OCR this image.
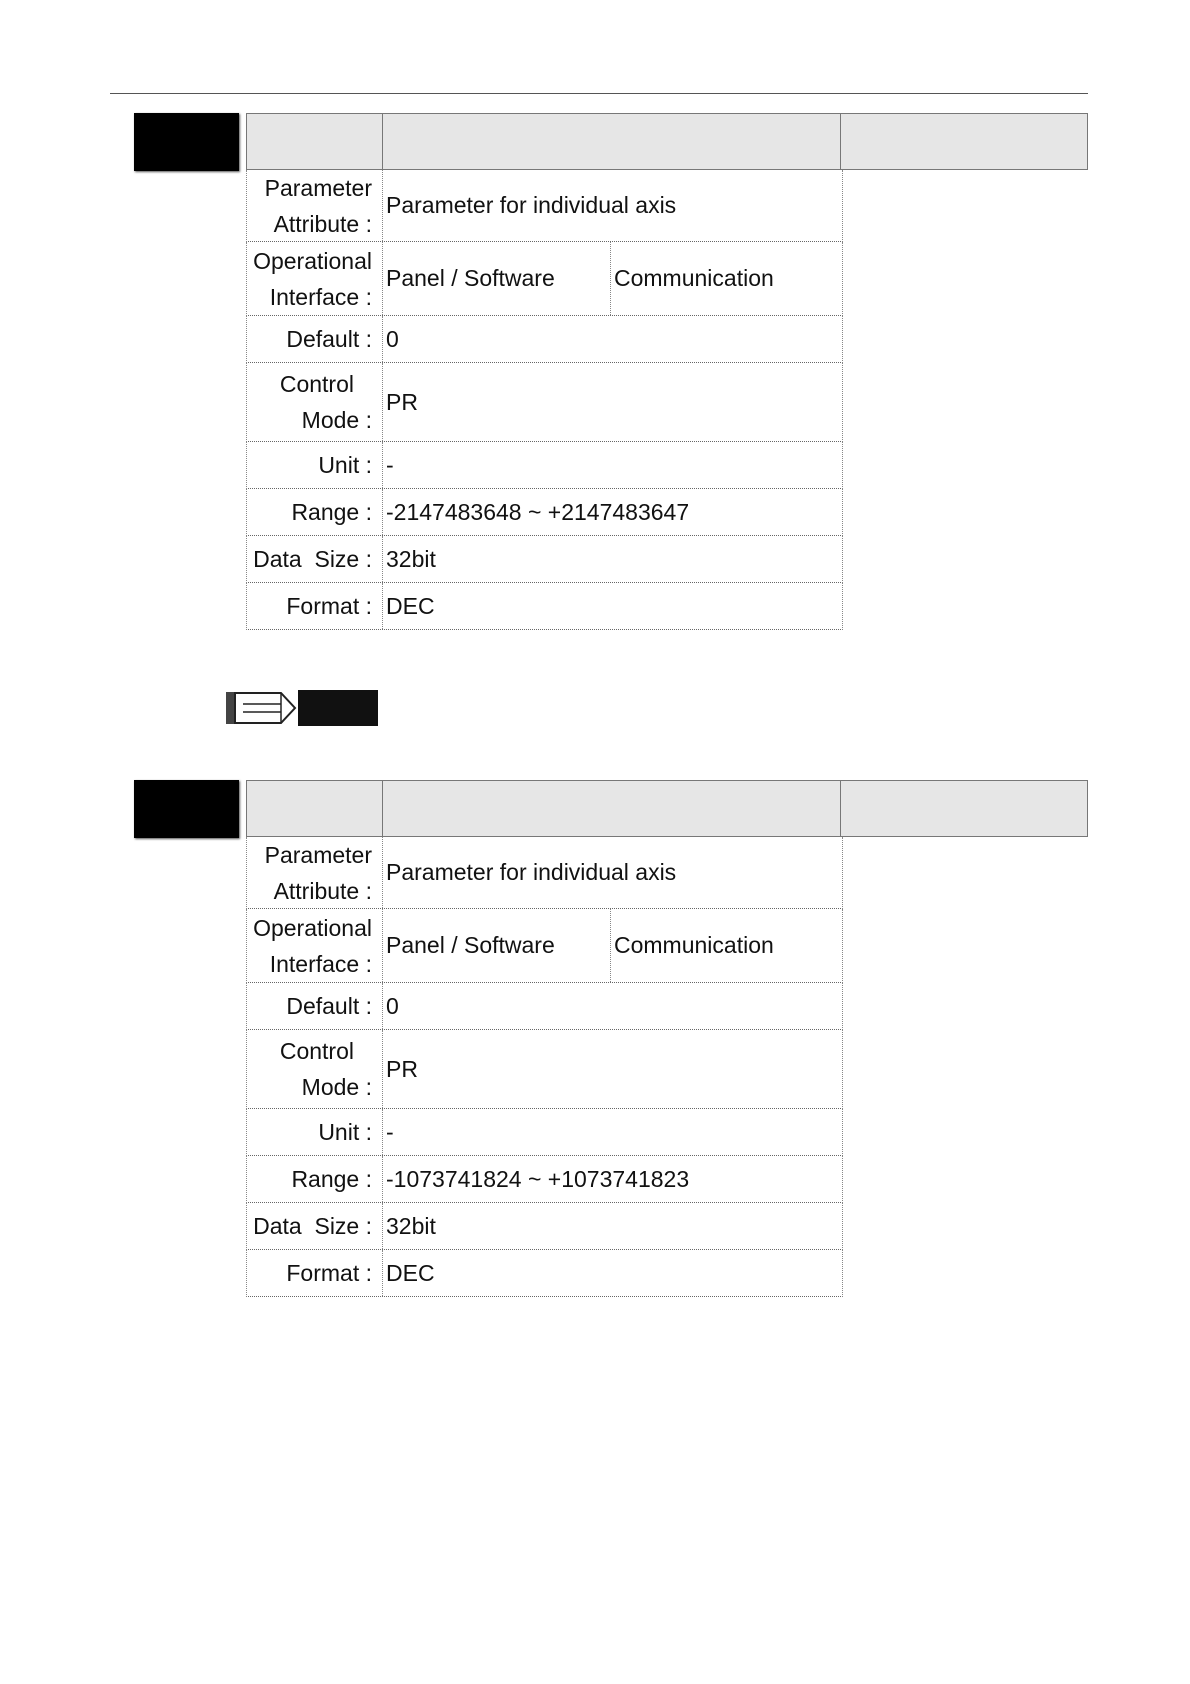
Parameter
Attribute :
Parameter for individual axis
Operational
Interface :
Panel / Software	Communication
Default : 0
Control
Mode :
PR
Unit : -
Range : -2147483648 ~ +2147483647
Data  Size : 32bit
Format : DEC
Parameter
Attribute :
Parameter for individual axis
Operational
Interface :
Panel / Software	Communication
Default : 0
Control
Mode :
PR
Unit : -
Range : -1073741824 ~ +1073741823
Data  Size : 32bit
Format : DEC
